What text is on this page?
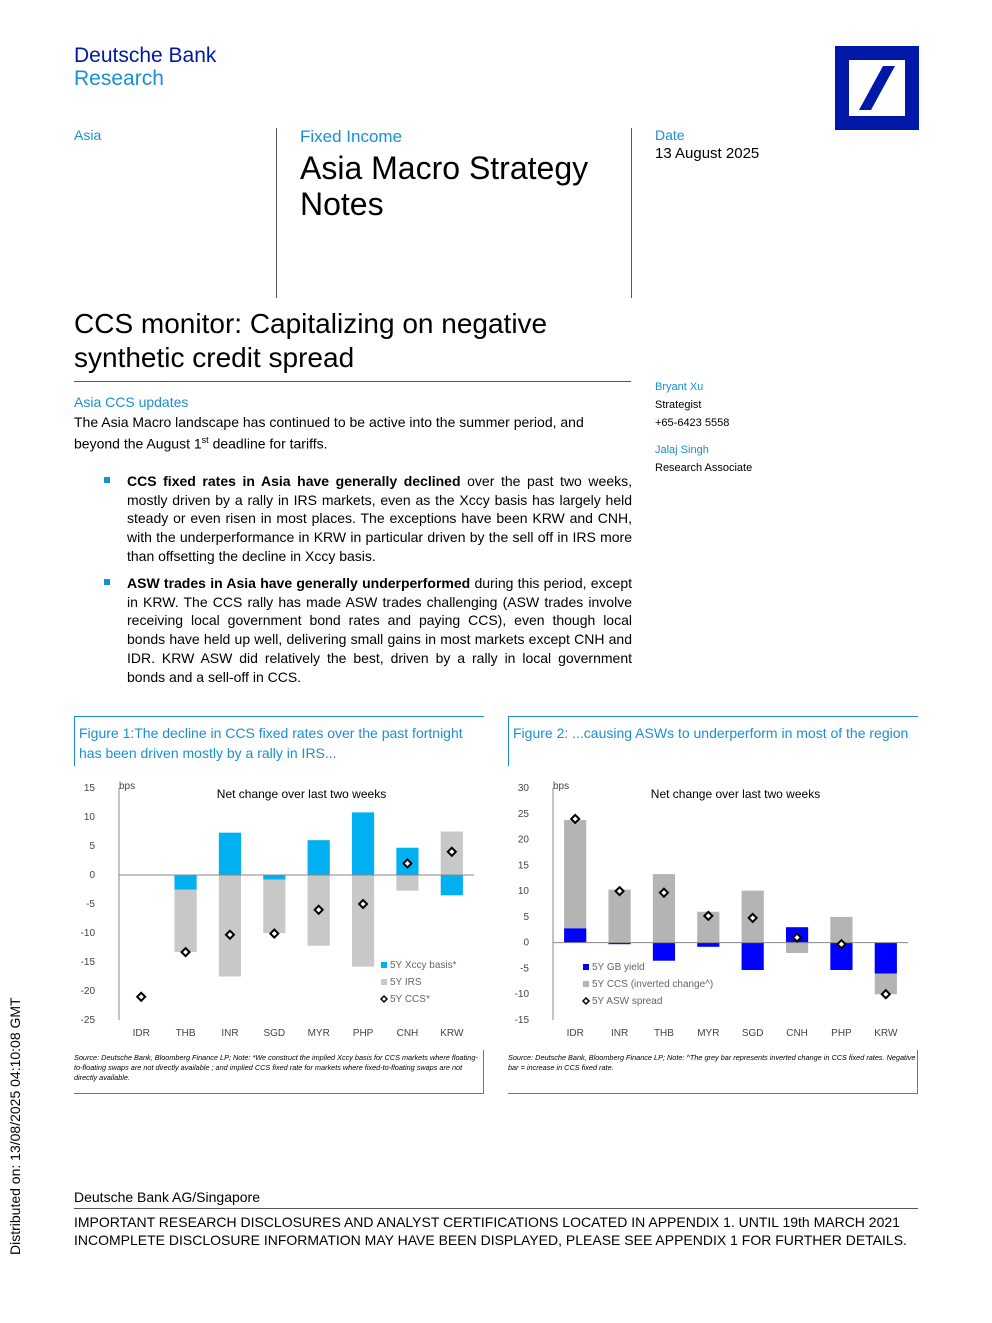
Deutsche Bank
Research
Asia	Fixed Income
Asia Macro Strategy Notes
Date
13 August 2025
CCS monitor: Capitalizing on negative synthetic credit spread
Bryant Xu
Strategist
+65-6423 5558
Jalaj Singh
Research Associate
Asia CCS updates
The Asia Macro landscape has continued to be active into the summer period, and beyond the August 1st deadline for tariffs.
CCS fixed rates in Asia have generally declined over the past two weeks, mostly driven by a rally in IRS markets, even as the Xccy basis has largely held steady or even risen in most places. The exceptions have been KRW and CNH, with the underperformance in KRW in particular driven by the sell off in IRS more than offsetting the decline in Xccy basis.
ASW trades in Asia have generally underperformed during this period, except in KRW. The CCS rally has made ASW trades challenging (ASW trades involve receiving local government bond rates and paying CCS), even though local bonds have held up well, delivering small gains in most markets except CNH and IDR. KRW ASW did relatively the best, driven by a rally in local government bonds and a sell-off in CCS.
Figure 1:The decline in CCS fixed rates over the past fortnight has been driven mostly by a rally in IRS...
Figure 2: ...causing ASWs to underperform in most of the region
15
10
5
0
-5
-10
-15
-20
-25
bps
Net change over last two weeks
IDR	THB	INR SGD MYR PHP CNH KRW
5Y Xccy basis*
5Y IRS
5Y CCS*
30
25
20
15
10
5
0
-5
-10
-15
bps
Net change over last two weeks
IDR	INR	THB MYR SGD CNH PHP KRW
5Y GB yield
5Y CCS (inverted change^)
5Y ASW spread
Source: Deutsche Bank, Bloomberg Finance LP; Note: *We construct the implied Xccy basis for CCS markets where floating-to-floating swaps are not directly available ; and implied CCS fixed rate for markets where fixed-to-floating swaps are not directly available.
Source: Deutsche Bank, Bloomberg Finance LP; Note: ^The grey bar represents inverted change in CCS fixed rates. Negative bar = increase in CCS fixed rate.
Deutsche Bank AG/Singapore
IMPORTANT RESEARCH DISCLOSURES AND ANALYST CERTIFICATIONS LOCATED IN APPENDIX 1. UNTIL 19th MARCH 2021 INCOMPLETE DISCLOSURE INFORMATION MAY HAVE BEEN DISPLAYED, PLEASE SEE APPENDIX 1 FOR FURTHER DETAILS.
Distributed on: 13/08/2025 04:10:08 GMT
